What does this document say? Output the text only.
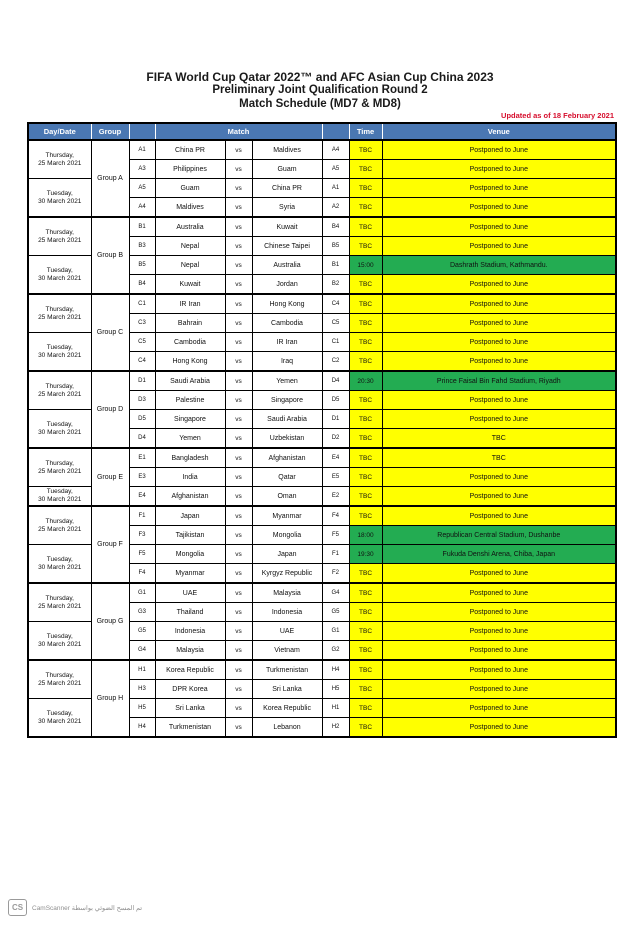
FIFA World Cup Qatar 2022™ and AFC Asian Cup China 2023
Preliminary Joint Qualification Round 2
Match Schedule (MD7 & MD8)
Updated as of 18 February 2021
Day/Date	Group		Match				Time	Venue

Thursday,
25 March 2021	Group A	A1	China PR	vs	Maldives	A4	TBC	Postponed to June
		A3	Philippines	vs	Guam	A5	TBC	Postponed to June

Tuesday,
30 March 2021		A5	Guam	vs	China PR	A1	TBC	Postponed to June
		A4	Maldives	vs	Syria	A2	TBC	Postponed to June

Thursday,
25 March 2021	Group B	B1	Australia	vs	Kuwait	B4	TBC	Postponed to June
		B3	Nepal	vs	Chinese Taipei	B5	TBC	Postponed to June

Tuesday,
30 March 2021		B5	Nepal	vs	Australia	B1	15:00	Dashrath Stadium, Kathmandu.
		B4	Kuwait	vs	Jordan	B2	TBC	Postponed to June

Thursday,
25 March 2021	Group C	C1	IR Iran	vs	Hong Kong	C4	TBC	Postponed to June
		C3	Bahrain	vs	Cambodia	C5	TBC	Postponed to June

Tuesday,
30 March 2021		C5	Cambodia	vs	IR Iran	C1	TBC	Postponed to June
		C4	Hong Kong	vs	Iraq	C2	TBC	Postponed to June

Thursday,
25 March 2021	Group D	D1	Saudi Arabia	vs	Yemen	D4	20:30	Prince Faisal Bin Fahd Stadium, Riyadh
		D3	Palestine	vs	Singapore	D5	TBC	Postponed to June

Tuesday,
30 March 2021		D5	Singapore	vs	Saudi Arabia	D1	TBC	Postponed to June
		D4	Yemen	vs	Uzbekistan	D2	TBC	TBC

Thursday,
25 March 2021	Group E	E1	Bangladesh	vs	Afghanistan	E4	TBC	TBC
		E3	India	vs	Qatar	E5	TBC	Postponed to June

Tuesday,
30 March 2021		E4	Afghanistan	vs	Oman	E2	TBC	Postponed to June

Thursday,
25 March 2021	Group F	F1	Japan	vs	Myanmar	F4	TBC	Postponed to June
		F3	Tajikistan	vs	Mongolia	F5	18:00	Republican Central Stadium, Dushanbe

Tuesday,
30 March 2021		F5	Mongolia	vs	Japan	F1	19:30	Fukuda Denshi Arena, Chiba, Japan
		F4	Myanmar	vs	Kyrgyz Republic	F2	TBC	Postponed to June

Thursday,
25 March 2021	Group G	G1	UAE	vs	Malaysia	G4	TBC	Postponed to June
		G3	Thailand	vs	Indonesia	G5	TBC	Postponed to June

Tuesday,
30 March 2021		G5	Indonesia	vs	UAE	G1	TBC	Postponed to June
		G4	Malaysia	vs	Vietnam	G2	TBC	Postponed to June

Thursday,
25 March 2021	Group H	H1	Korea Republic	vs	Turkmenistan	H4	TBC	Postponed to June
		H3	DPR Korea	vs	Sri Lanka	H5	TBC	Postponed to June

Tuesday,
30 March 2021		H5	Sri Lanka	vs	Korea Republic	H1	TBC	Postponed to June
		H4	Turkmenistan	vs	Lebanon	H2	TBC	Postponed to June
CS	تم المسح الضوئي بواسطة CamScanner
